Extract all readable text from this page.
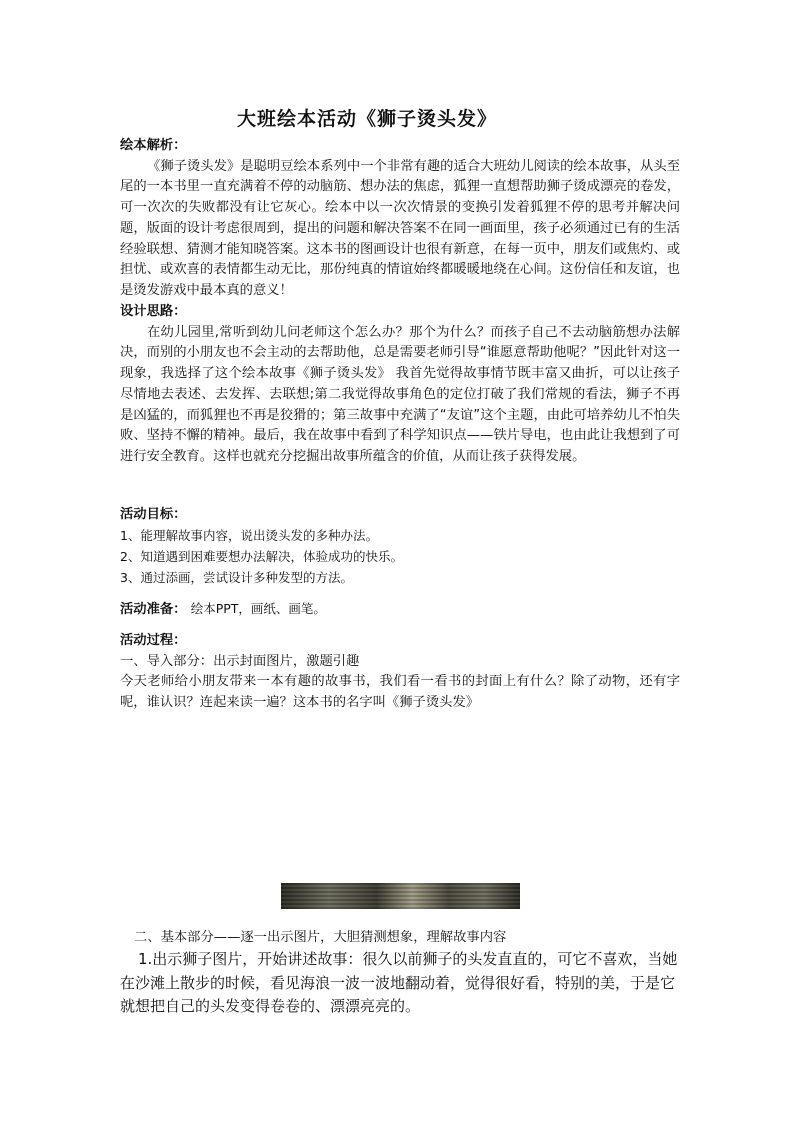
大班绘本活动《狮子烫头发》

绘本解析：

《狮子烫头发》是聪明豆绘本系列中一个非常有趣的适合大班幼儿阅读的绘本故事，从头至尾的一本书里一直充满着不停的动脑筋、想办法的焦虑，狐狸一直想帮助狮子烫成漂亮的卷发，可一次次的失败都没有让它灰心。绘本中以一次次情景的变换引发着狐狸不停的思考并解决问题，版面的设计考虑很周到，提出的问题和解决答案不在同一画面里，孩子必须通过已有的生活经验联想、猜测才能知晓答案。这本书的图画设计也很有新意，在每一页中，朋友们或焦灼、或担忧、或欢喜的表情都生动无比，那份纯真的情谊始终都暖暖地绕在心间。这份信任和友谊，也是烫发游戏中最本真的意义！

设计思路：

在幼儿园里,常听到幼儿问老师这个怎么办？那个为什么？而孩子自己不去动脑筋想办法解决，而别的小朋友也不会主动的去帮助他，总是需要老师引导“谁愿意帮助他呢？”因此针对这一现象，我选择了这个绘本故事《狮子烫头发》 我首先觉得故事情节既丰富又曲折，可以让孩子尽情地去表述、去发挥、去联想;第二我觉得故事角色的定位打破了我们常规的看法，狮子不再是凶猛的，而狐狸也不再是狡猾的；第三故事中充满了“友谊”这个主题，由此可培养幼儿不怕失败、坚持不懈的精神。最后，我在故事中看到了科学知识点——铁片导电，也由此让我想到了可进行安全教育。这样也就充分挖掘出故事所蕴含的价值，从而让孩子获得发展。

活动目标：

1、能理解故事内容，说出烫头发的多种办法。

2、知道遇到困难要想办法解决，体验成功的快乐。

3、通过添画，尝试设计多种发型的方法。

活动准备： 绘本PPT，画纸、画笔。

活动过程：

一、导入部分：出示封面图片，激题引趣

今天老师给小朋友带来一本有趣的故事书，我们看一看书的封面上有什么？除了动物，还有字呢，谁认识？连起来读一遍？这本书的名字叫《狮子烫头发》

二、基本部分——逐一出示图片，大胆猜测想象，理解故事内容
1.出示狮子图片，开始讲述故事：很久以前狮子的头发直直的，可它不喜欢，当她在沙滩上散步的时候，看见海浪一波一波地翻动着，觉得很好看，特别的美，于是它就想把自己的头发变得卷卷的、漂漂亮亮的。
